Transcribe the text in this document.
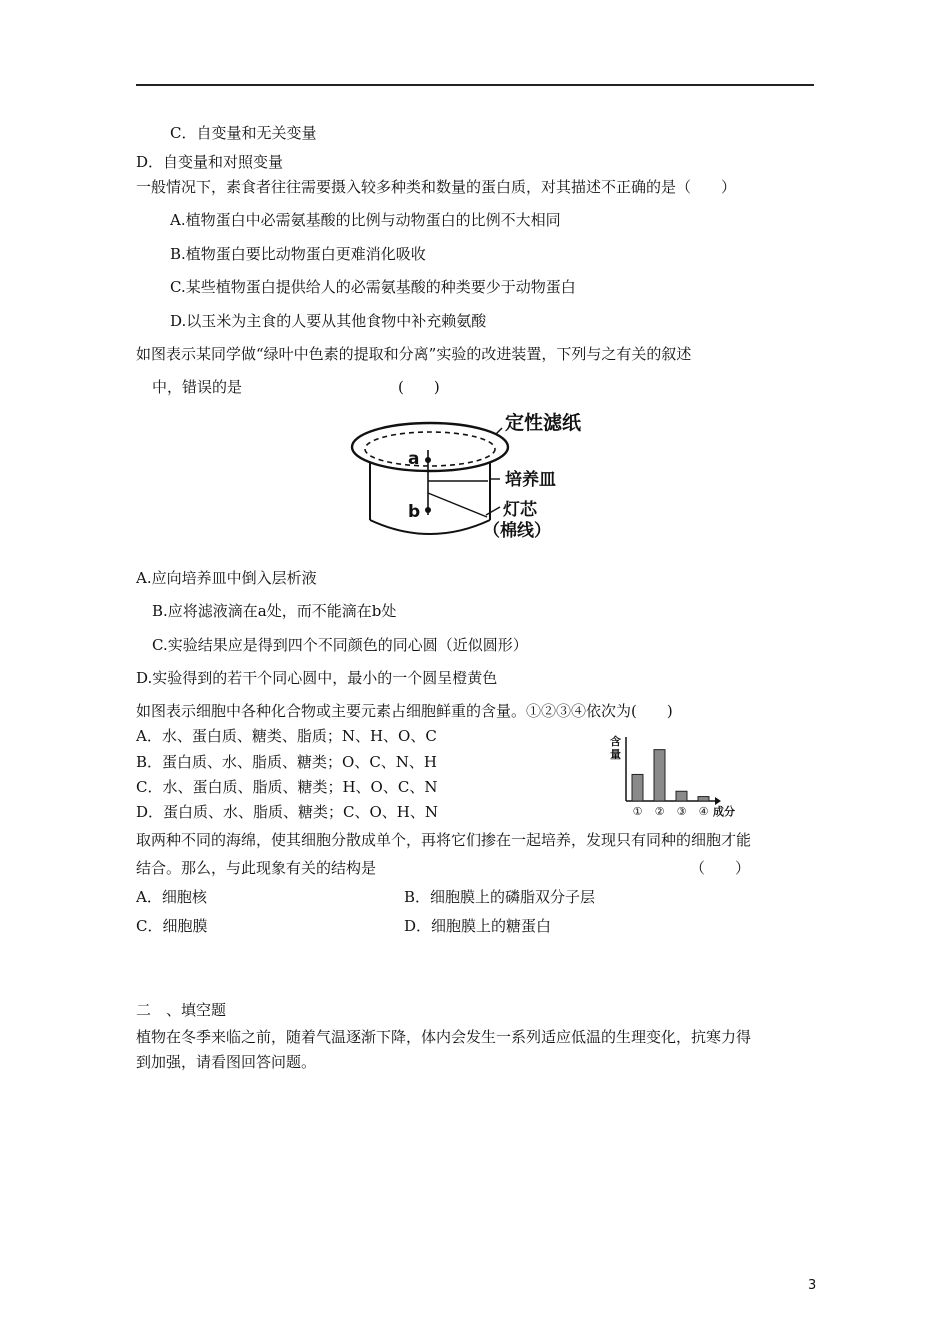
C．自变量和无关变量
D．自变量和对照变量
一般情况下，素食者往往需要摄入较多种类和数量的蛋白质，对其描述不正确的是（　　）
A.植物蛋白中必需氨基酸的比例与动物蛋白的比例不大相同
B.植物蛋白要比动物蛋白更难消化吸收
C.某些植物蛋白提供给人的必需氨基酸的种类要少于动物蛋白
D.以玉米为主食的人要从其他食物中补充赖氨酸
如图表示某同学做“绿叶中色素的提取和分离”实验的改进装置，下列与之有关的叙述
中，错误的是	(　　)
a
b
定性滤纸
培养皿
灯芯
（棉线）
A.应向培养皿中倒入层析液
B.应将滤液滴在a处，而不能滴在b处
C.实验结果应是得到四个不同颜色的同心圆（近似圆形）
D.实验得到的若干个同心圆中，最小的一个圆呈橙黄色
如图表示细胞中各种化合物或主要元素占细胞鲜重的含量。①②③④依次为(　　)
A．水、蛋白质、糖类、脂质；N、H、O、C
B．蛋白质、水、脂质、糖类；O、C、N、H
C．水、蛋白质、脂质、糖类；H、O、C、N
D．蛋白质、水、脂质、糖类；C、O、H、N
含
量
① ② ③ ④ 成分
取两种不同的海绵，使其细胞分散成单个，再将它们掺在一起培养，发现只有同种的细胞才能
结合。那么，与此现象有关的结构是	（　　）
A．细胞核	B．细胞膜上的磷脂双分子层
C．细胞膜	D．细胞膜上的糖蛋白
二　、填空题
植物在冬季来临之前，随着气温逐渐下降，体内会发生一系列适应低温的生理变化，抗寒力得
到加强，请看图回答问题。
3
